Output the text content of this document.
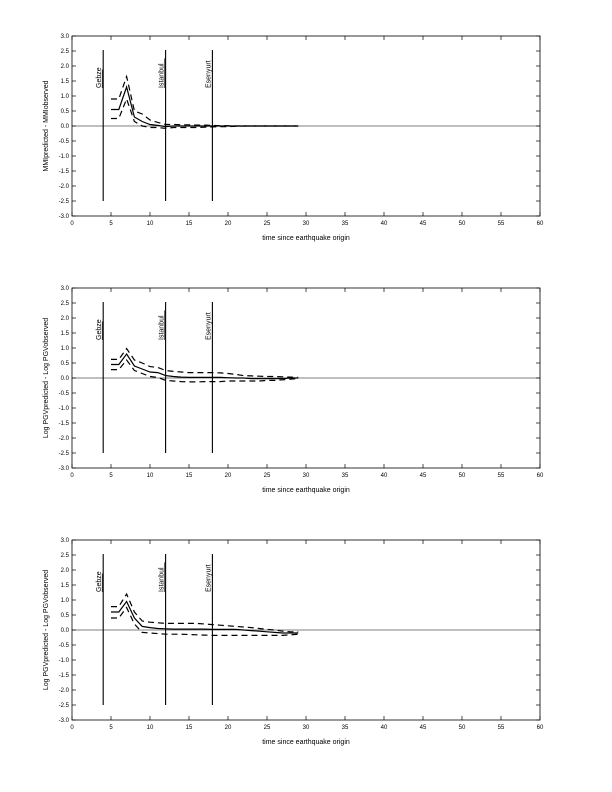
3.0
2.5
2.0
1.5
1.0
0.5
0.0
-0.5
-1.0
-1.5
-2.0
-2.5
-3.0
0	5	10	15	20	25	30	35	40	45	50	55	60
time since earthquake origin
MMIpredicted - MMIobserved
Gebze	Istanbul	Esenyurt
3.0
2.5
2.0
1.5
1.0
0.5
0.0
-0.5
-1.0
-1.5
-2.0
-2.5
-3.0
0	5	10	15	20	25	30	35	40	45	50	55	60
time since earthquake origin
Log PGVpredicted - Log PGVobserved	Gebze	Istanbul	Esenyurt
3.0
2.5
2.0
1.5
1.0
0.5
0.0
-0.5
-1.0
-1.5
-2.0
-2.5
-3.0
0	5	10	15	20	25	30	35	40	45	50	55	60
time since earthquake origin
Log PGVpredicted - Log PGVobserved	Gebze	Istanbul	Esenyurt
